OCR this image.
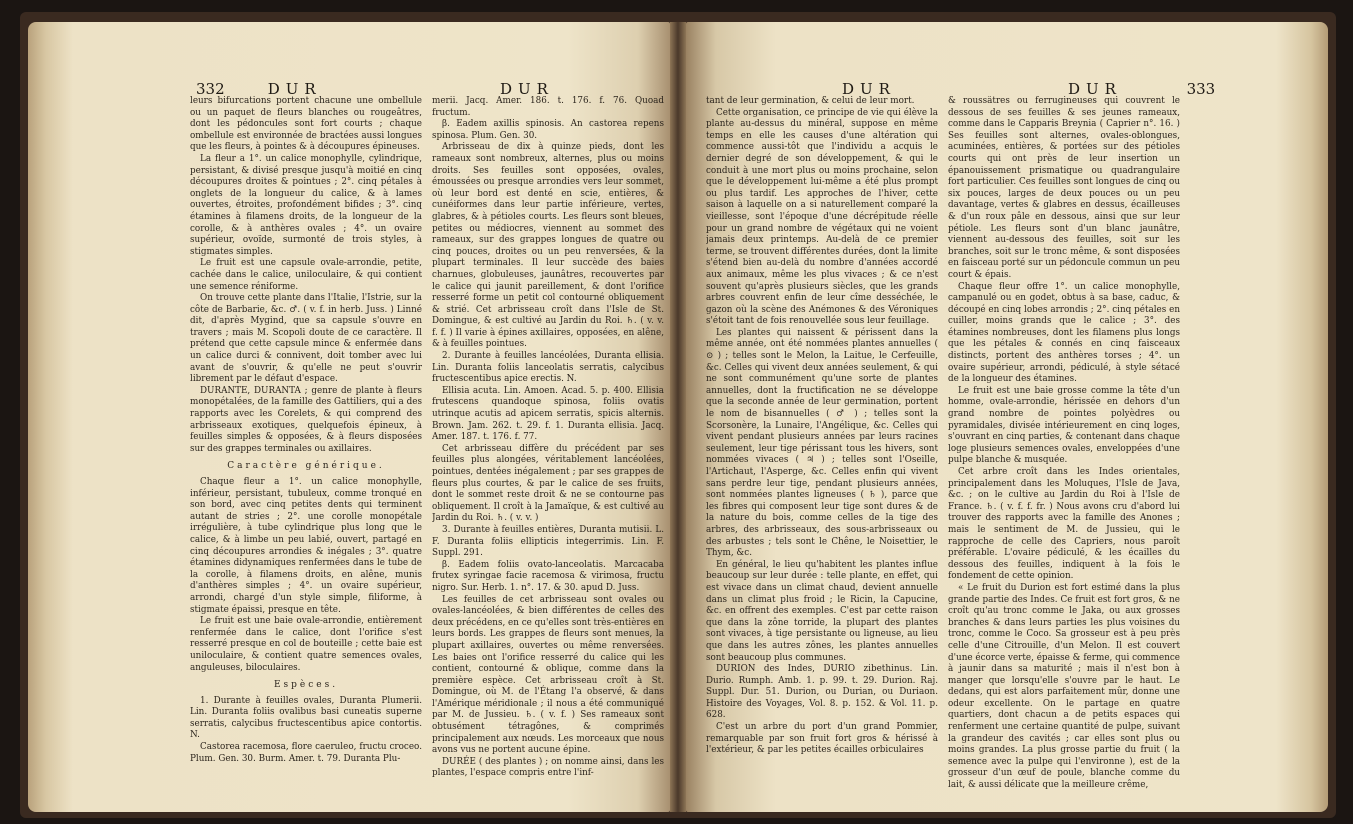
332	DUR	DUR

leurs bifurcations portent chacune une ombellule ou un paquet de fleurs blanches ou rougeâtres, dont les pédoncules sont fort courts ; chaque ombellule est environnée de bractées aussi longues que les fleurs, à pointes & à découpures épineuses.

La fleur a 1°. un calice monophylle, cylindrique, persistant, & divisé presque jusqu'à moitié en cinq découpures droites & pointues ; 2°. cinq pétales à onglets de la longueur du calice, & à lames ouvertes, étroites, profondément bifides ; 3°. cinq étamines à filamens droits, de la longueur de la corolle, & à anthères ovales ; 4°. un ovaire supérieur, ovoïde, surmonté de trois styles, à stigmates simples.

Le fruit est une capsule ovale-arrondie, petite, cachée dans le calice, uniloculaire, & qui contient une semence réniforme.

On trouve cette plante dans l'Italie, l'Istrie, sur la côte de Barbarie, &c. ♂. ( v. f. in herb. Juss. ) Linné dit, d'après Mygind, que sa capsule s'ouvre en travers ; mais M. Scopoli doute de ce caractère. Il prétend que cette capsule mince & enfermée dans un calice durci & connivent, doit tomber avec lui avant de s'ouvrir, & qu'elle ne peut s'ouvrir librement par le défaut d'espace.

DURANTE, DURANTA ; genre de plante à fleurs monopétalées, de la famille des Gattiliers, qui a des rapports avec les Corelets, & qui comprend des arbrisseaux exotiques, quelquefois épineux, à feuilles simples & opposées, & à fleurs disposées sur des grappes terminales ou axillaires.

Caractère générique.

Chaque fleur a 1°. un calice monophylle, inférieur, persistant, tubuleux, comme tronqué en son bord, avec cinq petites dents qui terminent autant de stries ; 2°. une corolle monopétale irrégulière, à tube cylindrique plus long que le calice, & à limbe un peu labié, ouvert, partagé en cinq découpures arrondies & inégales ; 3°. quatre étamines didynamiques renfermées dans le tube de la corolle, à filamens droits, en alêne, munis d'anthères simples ; 4°. un ovaire supérieur, arrondi, chargé d'un style simple, filiforme, à stigmate épaissi, presque en tête.

Le fruit est une baie ovale-arrondie, entièrement renfermée dans le calice, dont l'orifice s'est resserré presque en col de bouteille ; cette baie est uniloculaire, & contient quatre semences ovales, anguleuses, biloculaires.

Espèces.

1. Durante à feuilles ovales, Duranta Plumerii. Lin. Duranta foliis ovalibus basi cuneatis superne serratis, calycibus fructescentibus apice contortis. N.

Castorea racemosa, flore caeruleo, fructu croceo. Plum. Gen. 30. Burm. Amer. t. 79. Duranta Plu-

merii. Jacq. Amer. 186. t. 176. f. 76. Quoad fructum.

β. Eadem axillis spinosis. An castorea repens spinosa. Plum. Gen. 30.

Arbrisseau de dix à quinze pieds, dont les rameaux sont nombreux, alternes, plus ou moins droits. Ses feuilles sont opposées, ovales, émoussées ou presque arrondies vers leur sommet, où leur bord est denté en scie, entières, & cunéiformes dans leur partie inférieure, vertes, glabres, & à pétioles courts. Les fleurs sont bleues, petites ou médiocres, viennent au sommet des rameaux, sur des grappes longues de quatre ou cinq pouces, droites ou un peu renversées, & la plupart terminales. Il leur succède des baies charnues, globuleuses, jaunâtres, recouvertes par le calice qui jaunit pareillement, & dont l'orifice resserré forme un petit col contourné obliquement & strié. Cet arbrisseau croît dans l'Isle de St. Domingue, & est cultivé au Jardin du Roi. ♄. ( v. v. f. f. ) Il varie à épines axillaires, opposées, en alêne, & à feuilles pointues.

2. Durante à feuilles lancéolées, Duranta ellisia. Lin. Duranta foliis lanceolatis serratis, calycibus fructescentibus apice erectis. N.

Ellisia acuta. Lin. Amoen. Acad. 5. p. 400. Ellisia frutescens quandoque spinosa, foliis ovatis utrinque acutis ad apicem serratis, spicis alternis. Brown. Jam. 262. t. 29. f. 1. Duranta ellisia. Jacq. Amer. 187. t. 176. f. 77.

Cet arbrisseau diffère du précédent par ses feuilles plus alongées, véritablement lancéolées, pointues, dentées inégalement ; par ses grappes de fleurs plus courtes, & par le calice de ses fruits, dont le sommet reste droit & ne se contourne pas obliquement. Il croît à la Jamaïque, & est cultivé au Jardin du Roi. ♄. ( v. v. )

3. Durante à feuilles entières, Duranta mutisii. L. F. Duranta foliis ellipticis integerrimis. Lin. F. Suppl. 291.

β. Eadem foliis ovato-lanceolatis. Marcacaba frutex syringae facie racemosa & virimosa, fructu nigro. Sur. Herb. 1. n°. 17. & 30. apud D. Juss.

Les feuilles de cet arbrisseau sont ovales ou ovales-lancéolées, & bien différentes de celles des deux précédens, en ce qu'elles sont très-entières en leurs bords. Les grappes de fleurs sont menues, la plupart axillaires, ouvertes ou même renversées. Les baies ont l'orifice resserré du calice qui les contient, contourné & oblique, comme dans la première espèce. Cet arbrisseau croît à St. Domingue, où M. de l'Étang l'a observé, & dans l'Amérique méridionale ; il nous a été communiqué par M. de Jussieu. ♄. ( v. f. ) Ses rameaux sont obtusément tétragônes, & comprimés principalement aux nœuds. Les morceaux que nous avons vus ne portent aucune épine.

DURÉE ( des plantes ) ; on nomme ainsi, dans les plantes, l'espace compris entre l'inf-

DUR	DUR	333

tant de leur germination, & celui de leur mort.

Cette organisation, ce principe de vie qui élève la plante au-dessus du minéral, suppose en même temps en elle les causes d'une altération qui commence aussi-tôt que l'individu a acquis le dernier degré de son développement, & qui le conduit à une mort plus ou moins prochaine, selon que le développement lui-même a été plus prompt ou plus tardif. Les approches de l'hiver, cette saison à laquelle on a si naturellement comparé la vieillesse, sont l'époque d'une décrépitude réelle pour un grand nombre de végétaux qui ne voient jamais deux printemps. Au-delà de ce premier terme, se trouvent différentes durées, dont la limite s'étend bien au-delà du nombre d'années accordé aux animaux, même les plus vivaces ; & ce n'est souvent qu'après plusieurs siècles, que les grands arbres couvrent enfin de leur cîme desséchée, le gazon où la scène des Anémones & des Véroniques s'étoit tant de fois renouvellée sous leur feuillage.

Les plantes qui naissent & périssent dans la même année, ont été nommées plantes annuelles ( ⊙ ) ; telles sont le Melon, la Laitue, le Cerfeuille, &c. Celles qui vivent deux années seulement, & qui ne sont communément qu'une sorte de plantes annuelles, dont la fructification ne se développe que la seconde année de leur germination, portent le nom de bisannuelles ( ♂ ) ; telles sont la Scorsonère, la Lunaire, l'Angélique, &c. Celles qui vivent pendant plusieurs années par leurs racines seulement, leur tige périssant tous les hivers, sont nommées vivaces ( ♃ ) ; telles sont l'Oseille, l'Artichaut, l'Asperge, &c. Celles enfin qui vivent sans perdre leur tige, pendant plusieurs années, sont nommées plantes ligneuses ( ♄ ), parce que les fibres qui composent leur tige sont dures & de la nature du bois, comme celles de la tige des arbres, des arbrisseaux, des sous-arbrisseaux ou des arbustes ; tels sont le Chêne, le Noisettier, le Thym, &c.

En général, le lieu qu'habitent les plantes influe beaucoup sur leur durée : telle plante, en effet, qui est vivace dans un climat chaud, devient annuelle dans un climat plus froid ; le Ricin, la Capucine, &c. en offrent des exemples. C'est par cette raison que dans la zône torride, la plupart des plantes sont vivaces, à tige persistante ou ligneuse, au lieu que dans les autres zônes, les plantes annuelles sont beaucoup plus communes.

DURION des Indes, DURIO zibethinus. Lin. Durio. Rumph. Amb. 1. p. 99. t. 29. Durion. Raj. Suppl. Dur. 51. Durion, ou Durian, ou Duriaon. Histoire des Voyages, Vol. 8. p. 152. & Vol. 11. p. 628.

C'est un arbre du port d'un grand Pommier, remarquable par son fruit fort gros & hérissé à l'extérieur, & par les petites écailles orbiculaires

& roussâtres ou ferrugineuses qui couvrent le dessous de ses feuilles & ses jeunes rameaux, comme dans le Capparis Breynia ( Caprier n°. 16. ) Ses feuilles sont alternes, ovales-oblongues, acuminées, entières, & portées sur des pétioles courts qui ont près de leur insertion un épanouissement prismatique ou quadrangulaire fort particulier. Ces feuilles sont longues de cinq ou six pouces, larges de deux pouces ou un peu davantage, vertes & glabres en dessus, écailleuses & d'un roux pâle en dessous, ainsi que sur leur pétiole. Les fleurs sont d'un blanc jaunâtre, viennent au-dessous des feuilles, soit sur les branches, soit sur le tronc même, & sont disposées en faisceau porté sur un pédoncule commun un peu court & épais.

Chaque fleur offre 1°. un calice monophylle, campanulé ou en godet, obtus à sa base, caduc, & découpé en cinq lobes arrondis ; 2°. cinq pétales en cuiller, moins grands que le calice ; 3°. des étamines nombreuses, dont les filamens plus longs que les pétales & connés en cinq faisceaux distincts, portent des anthères torses ; 4°. un ovaire supérieur, arrondi, pédiculé, à style sétacé de la longueur des étamines.

Le fruit est une baie grosse comme la tête d'un homme, ovale-arrondie, hérissée en dehors d'un grand nombre de pointes polyèdres ou pyramidales, divisée intérieurement en cinq loges, s'ouvrant en cinq parties, & contenant dans chaque loge plusieurs semences ovales, enveloppées d'une pulpe blanche & musquée.

Cet arbre croît dans les Indes orientales, principalement dans les Moluques, l'Isle de Java, &c. ; on le cultive au Jardin du Roi à l'Isle de France. ♄. ( v. f. f. fr. ) Nous avons cru d'abord lui trouver des rapports avec la famille des Anones ; mais le sentiment de M. de Jussieu, qui le rapproche de celle des Capriers, nous paroît préférable. L'ovaire pédiculé, & les écailles du dessous des feuilles, indiquent à la fois le fondement de cette opinion.

« Le fruit du Durion est fort estimé dans la plus grande partie des Indes. Ce fruit est fort gros, & ne croît qu'au tronc comme le Jaka, ou aux grosses branches & dans leurs parties les plus voisines du tronc, comme le Coco. Sa grosseur est à peu près celle d'une Citrouille, d'un Melon. Il est couvert d'une écorce verte, épaisse & ferme, qui commence à jaunir dans sa maturité ; mais il n'est bon à manger que lorsqu'elle s'ouvre par le haut. Le dedans, qui est alors parfaitement mûr, donne une odeur excellente. On le partage en quatre quartiers, dont chacun a de petits espaces qui renferment une certaine quantité de pulpe, suivant la grandeur des cavités ; car elles sont plus ou moins grandes. La plus grosse partie du fruit ( la semence avec la pulpe qui l'environne ), est de la grosseur d'un œuf de poule, blanche comme du lait, & aussi délicate que la meilleure crême,
